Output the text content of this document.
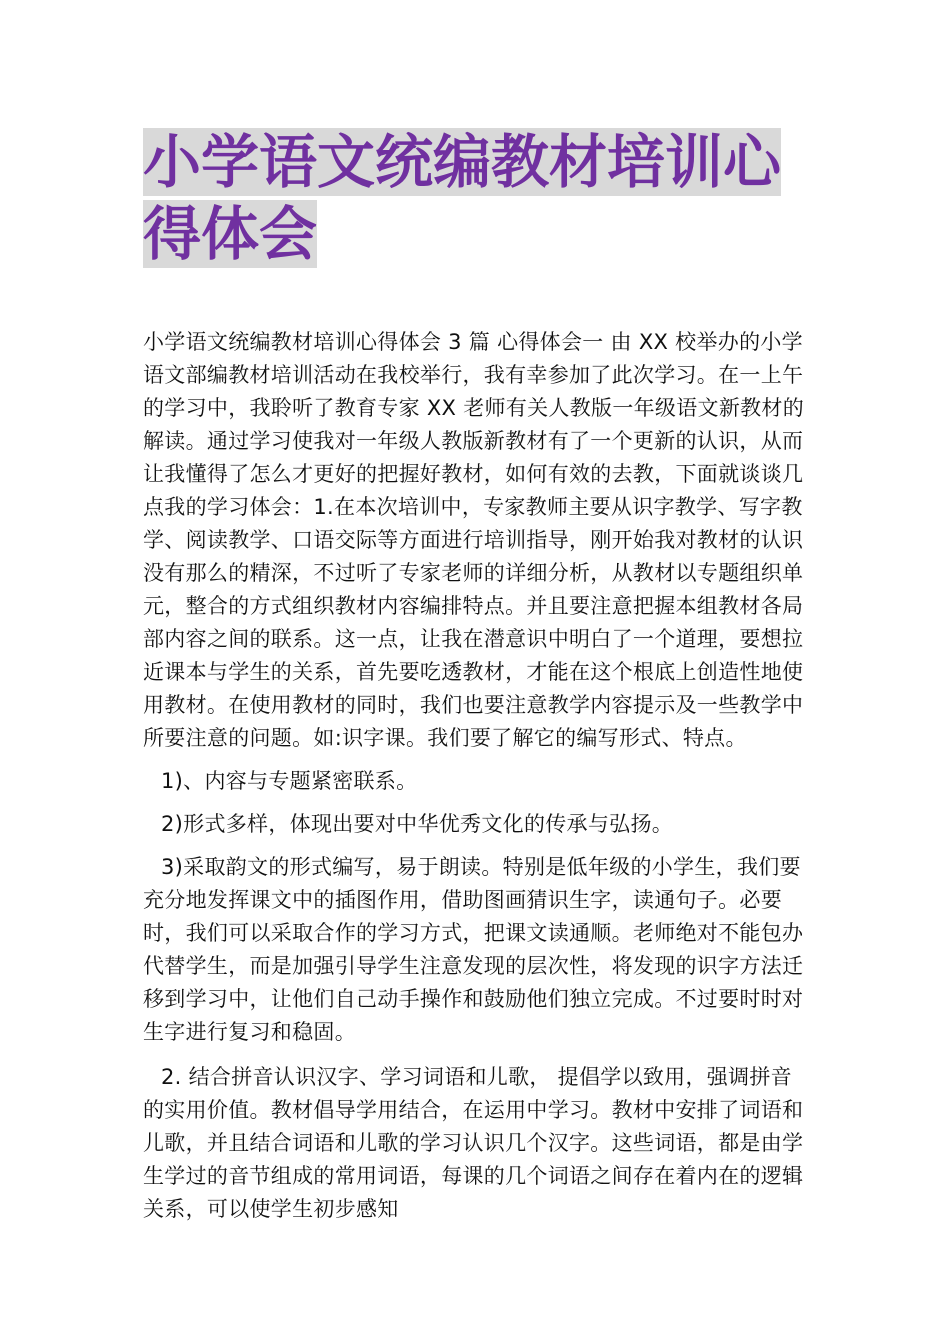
小学语文统编教材培训心得体会

小学语文统编教材培训心得体会 3 篇 心得体会一 由 XX 校举办的小学语文部编教材培训活动在我校举行，我有幸参加了此次学习。在一上午的学习中，我聆听了教育专家 XX 老师有关人教版一年级语文新教材的解读。通过学习使我对一年级人教版新教材有了一个更新的认识，从而让我懂得了怎么才更好的把握好教材，如何有效的去教，下面就谈谈几点我的学习体会：1.在本次培训中，专家教师主要从识字教学、写字教学、阅读教学、口语交际等方面进行培训指导，刚开始我对教材的认识没有那么的精深，不过听了专家老师的详细分析，从教材以专题组织单元，整合的方式组织教材内容编排特点。并且要注意把握本组教材各局部内容之间的联系。这一点，让我在潜意识中明白了一个道理，要想拉近课本与学生的关系，首先要吃透教材，才能在这个根底上创造性地使用教材。在使用教材的同时，我们也要注意教学内容提示及一些教学中所要注意的问题。如:识字课。我们要了解它的编写形式、特点。

1)、内容与专题紧密联系。

2)形式多样，体现出要对中华优秀文化的传承与弘扬。

3)采取韵文的形式编写，易于朗读。特别是低年级的小学生，我们要充分地发挥课文中的插图作用，借助图画猜识生字，读通句子。必要时，我们可以采取合作的学习方式，把课文读通顺。老师绝对不能包办代替学生，而是加强引导学生注意发现的层次性，将发现的识字方法迁移到学习中，让他们自己动手操作和鼓励他们独立完成。不过要时时对生字进行复习和稳固。

2. 结合拼音认识汉字、学习词语和儿歌， 提倡学以致用，强调拼音的实用价值。教材倡导学用结合，在运用中学习。教材中安排了词语和儿歌，并且结合词语和儿歌的学习认识几个汉字。这些词语，都是由学生学过的音节组成的常用词语，每课的几个词语之间存在着内在的逻辑关系，可以使学生初步感知
